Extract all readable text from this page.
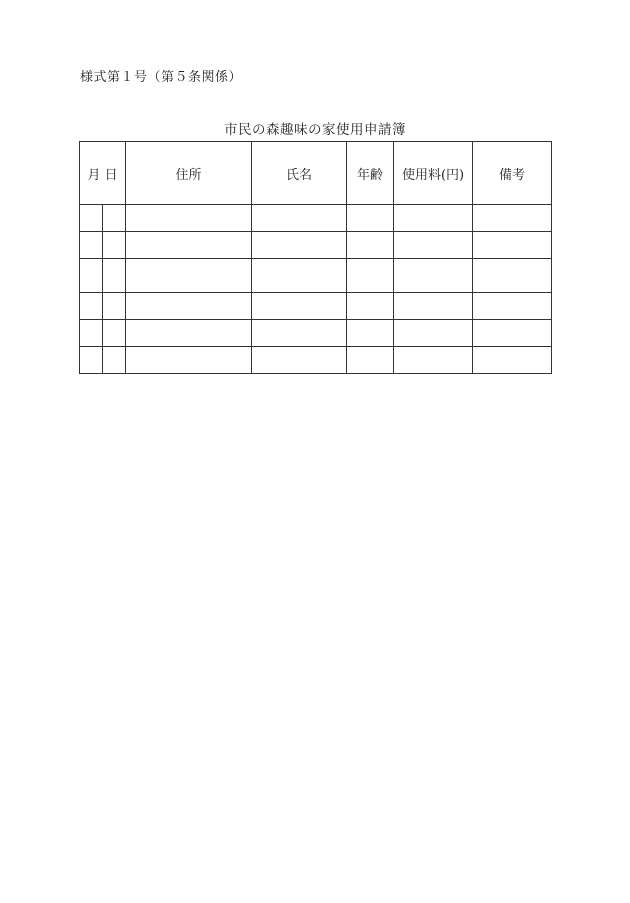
様式第１号（第５条関係）
市民の森趣味の家使用申請簿
月 日		住所	氏名	年齢	使用料(円)	備考
